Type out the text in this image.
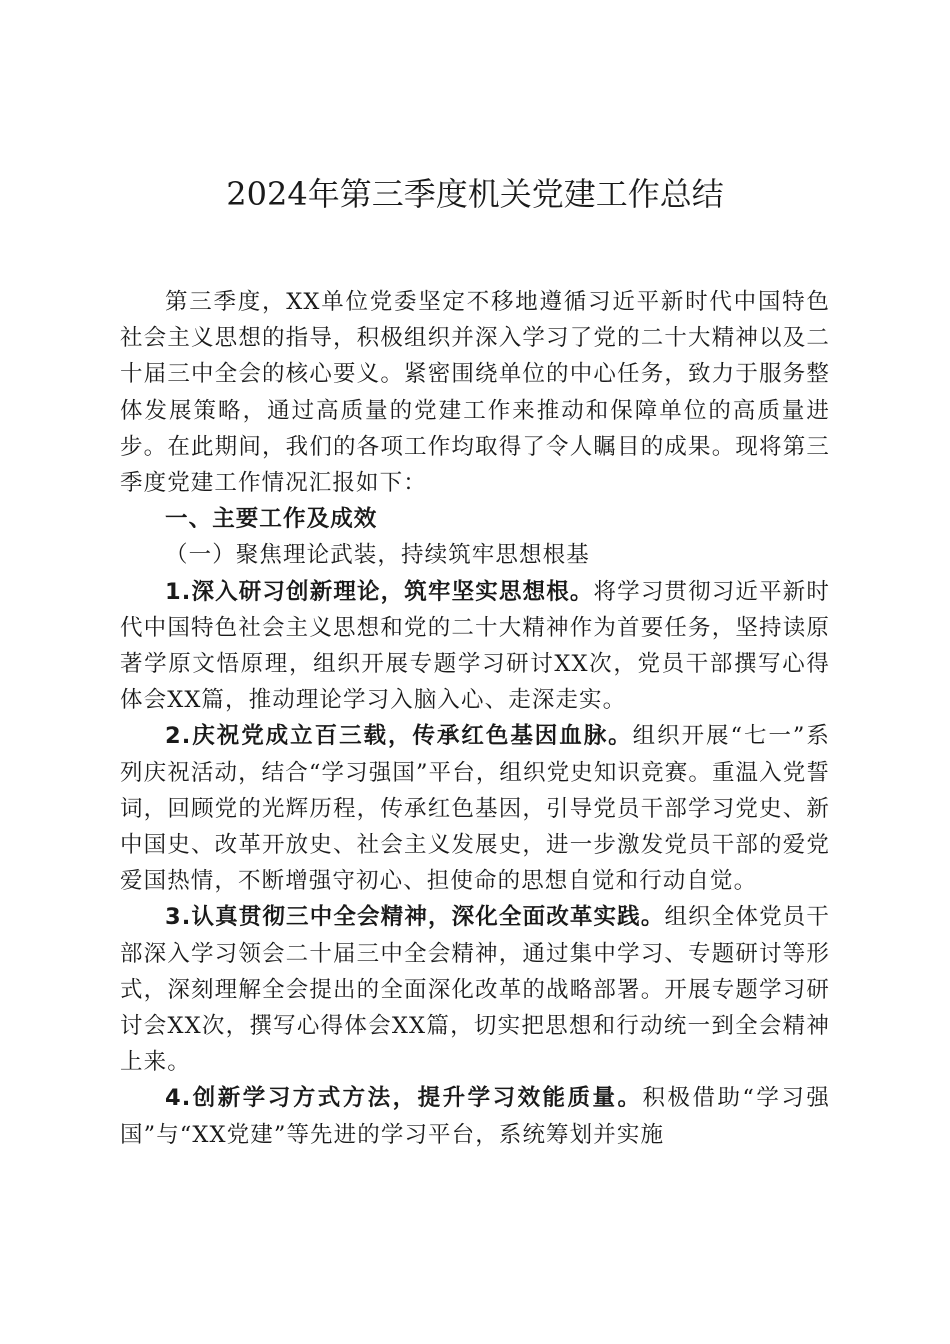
2024年第三季度机关党建工作总结

第三季度，XX单位党委坚定不移地遵循习近平新时代中国特色社会主义思想的指导，积极组织并深入学习了党的二十大精神以及二十届三中全会的核心要义。紧密围绕单位的中心任务，致力于服务整体发展策略，通过高质量的党建工作来推动和保障单位的高质量进步。在此期间，我们的各项工作均取得了令人瞩目的成果。现将第三季度党建工作情况汇报如下：

一、主要工作及成效

（一）聚焦理论武装，持续筑牢思想根基

1.深入研习创新理论，筑牢坚实思想根。将学习贯彻习近平新时代中国特色社会主义思想和党的二十大精神作为首要任务，坚持读原著学原文悟原理，组织开展专题学习研讨XX次，党员干部撰写心得体会XX篇，推动理论学习入脑入心、走深走实。

2.庆祝党成立百三载，传承红色基因血脉。组织开展“七一”系列庆祝活动，结合“学习强国”平台，组织党史知识竞赛。重温入党誓词，回顾党的光辉历程，传承红色基因，引导党员干部学习党史、新中国史、改革开放史、社会主义发展史，进一步激发党员干部的爱党爱国热情，不断增强守初心、担使命的思想自觉和行动自觉。

3.认真贯彻三中全会精神，深化全面改革实践。组织全体党员干部深入学习领会二十届三中全会精神，通过集中学习、专题研讨等形式，深刻理解全会提出的全面深化改革的战略部署。开展专题学习研讨会XX次，撰写心得体会XX篇，切实把思想和行动统一到全会精神上来。

4.创新学习方式方法，提升学习效能质量。积极借助“学习强国”与“XX党建”等先进的学习平台，系统筹划并实施
